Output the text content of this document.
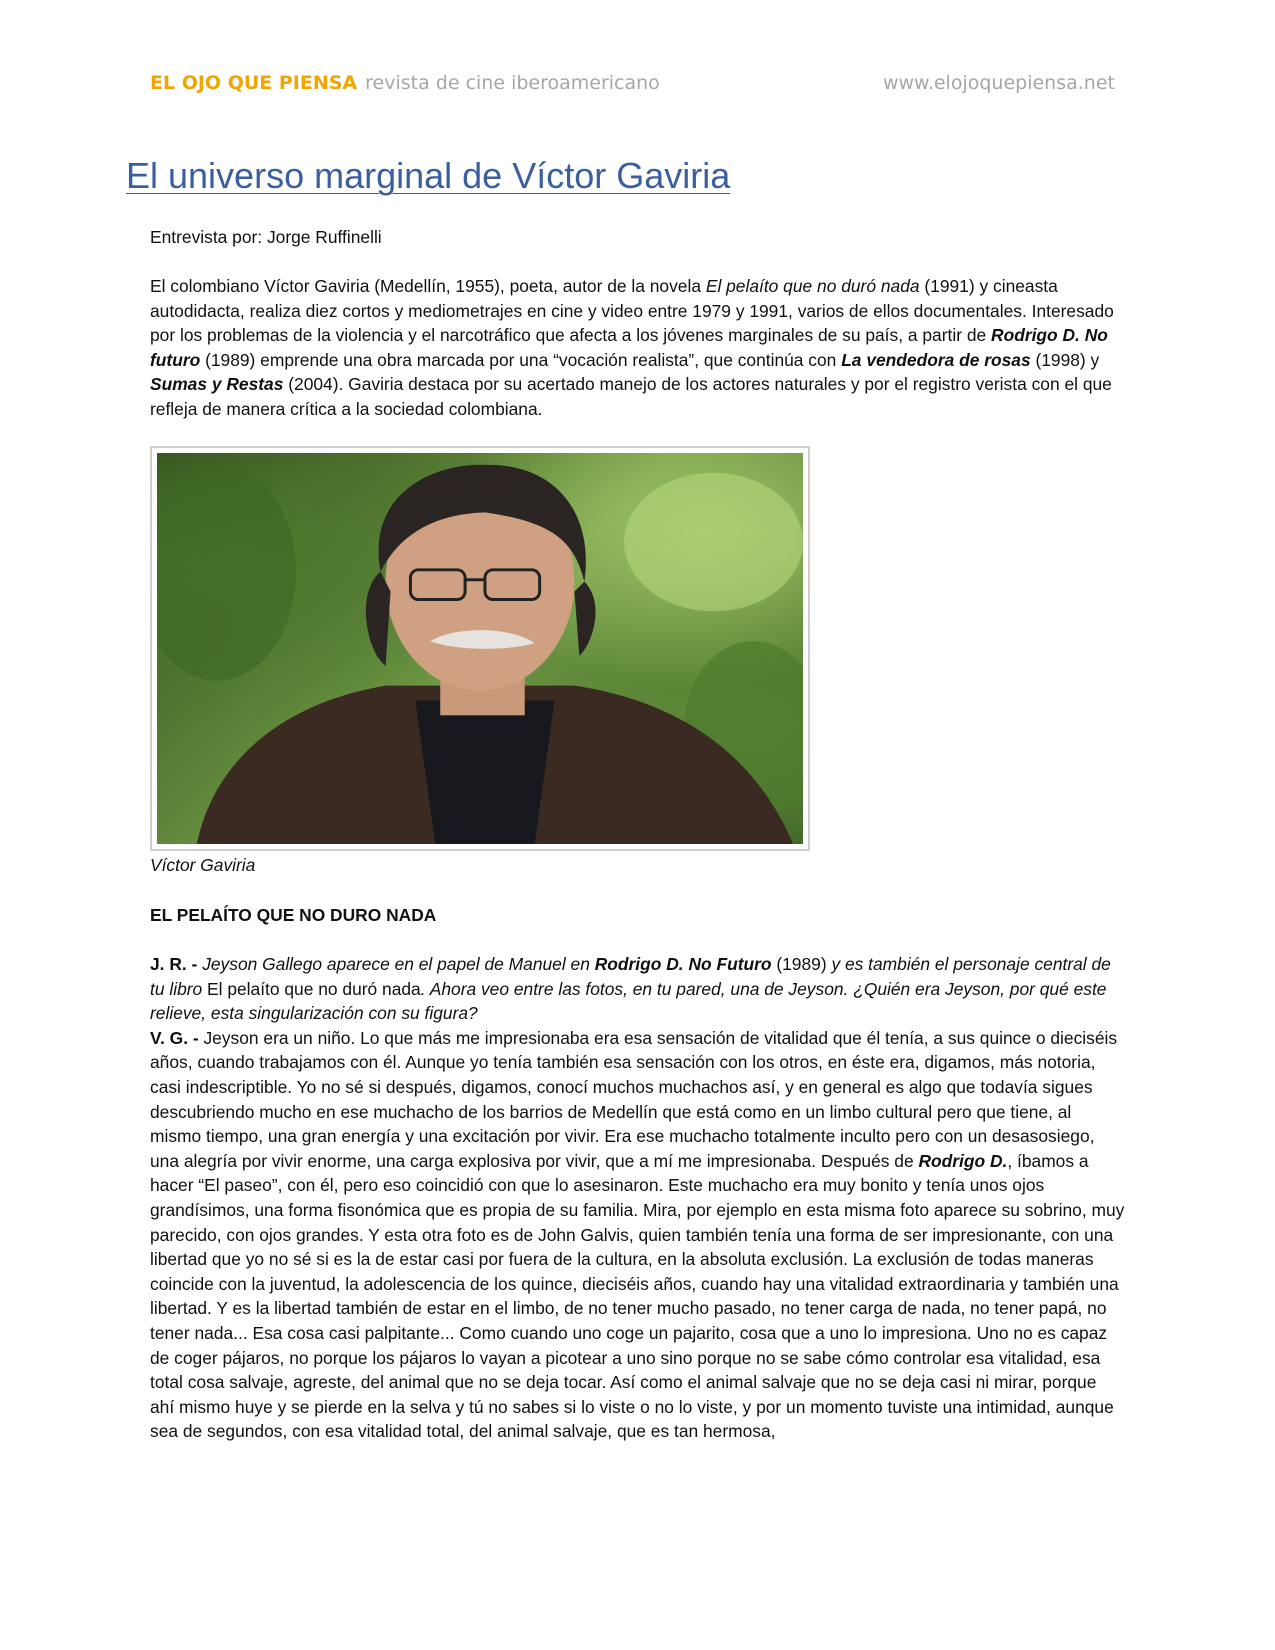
EL OJO QUE PIENSA revista de cine iberoamericano	www.elojoquepiensa.net
El universo marginal de Víctor Gaviria
Entrevista por: Jorge Ruffinelli

El colombiano Víctor Gaviria (Medellín, 1955), poeta, autor de la novela El pelaíto que no duró nada (1991) y cineasta autodidacta, realiza diez cortos y mediometrajes en cine y video entre 1979 y 1991, varios de ellos documentales. Interesado por los problemas de la violencia y el narcotráfico que afecta a los jóvenes marginales de su país, a partir de Rodrigo D. No futuro (1989) emprende una obra marcada por una “vocación realista”, que continúa con La vendedora de rosas (1998) y Sumas y Restas (2004). Gaviria destaca por su acertado manejo de los actores naturales y por el registro verista con el que refleja de manera crítica a la sociedad colombiana.

Víctor Gaviria
EL PELAÍTO QUE NO DURO NADA

J. R. - Jeyson Gallego aparece en el papel de Manuel en Rodrigo D. No Futuro (1989) y es también el personaje central de tu libro El pelaíto que no duró nada. Ahora veo entre las fotos, en tu pared, una de Jeyson. ¿Quién era Jeyson, por qué este relieve, esta singularización con su figura?

V. G. - Jeyson era un niño. Lo que más me impresionaba era esa sensación de vitalidad que él tenía, a sus quince o dieciséis años, cuando trabajamos con él. Aunque yo tenía también esa sensación con los otros, en éste era, digamos, más notoria, casi indescriptible. Yo no sé si después, digamos, conocí muchos muchachos así, y en general es algo que todavía sigues descubriendo mucho en ese muchacho de los barrios de Medellín que está como en un limbo cultural pero que tiene, al mismo tiempo, una gran energía y una excitación por vivir. Era ese muchacho totalmente inculto pero con un desasosiego, una alegría por vivir enorme, una carga explosiva por vivir, que a mí me impresionaba. Después de Rodrigo D., íbamos a hacer “El paseo”, con él, pero eso coincidió con que lo asesinaron. Este muchacho era muy bonito y tenía unos ojos grandísimos, una forma fisonómica que es propia de su familia. Mira, por ejemplo en esta misma foto aparece su sobrino, muy parecido, con ojos grandes. Y esta otra foto es de John Galvis, quien también tenía una forma de ser impresionante, con una libertad que yo no sé si es la de estar casi por fuera de la cultura, en la absoluta exclusión. La exclusión de todas maneras coincide con la juventud, la adolescencia de los quince, dieciséis años, cuando hay una vitalidad extraordinaria y también una libertad. Y es la libertad también de estar en el limbo, de no tener mucho pasado, no tener carga de nada, no tener papá, no tener nada... Esa cosa casi palpitante... Como cuando uno coge un pajarito, cosa que a uno lo impresiona. Uno no es capaz de coger pájaros, no porque los pájaros lo vayan a picotear a uno sino porque no se sabe cómo controlar esa vitalidad, esa total cosa salvaje, agreste, del animal que no se deja tocar. Así como el animal salvaje que no se deja casi ni mirar, porque ahí mismo huye y se pierde en la selva y tú no sabes si lo viste o no lo viste, y por un momento tuviste una intimidad, aunque sea de segundos, con esa vitalidad total, del animal salvaje, que es tan hermosa,
